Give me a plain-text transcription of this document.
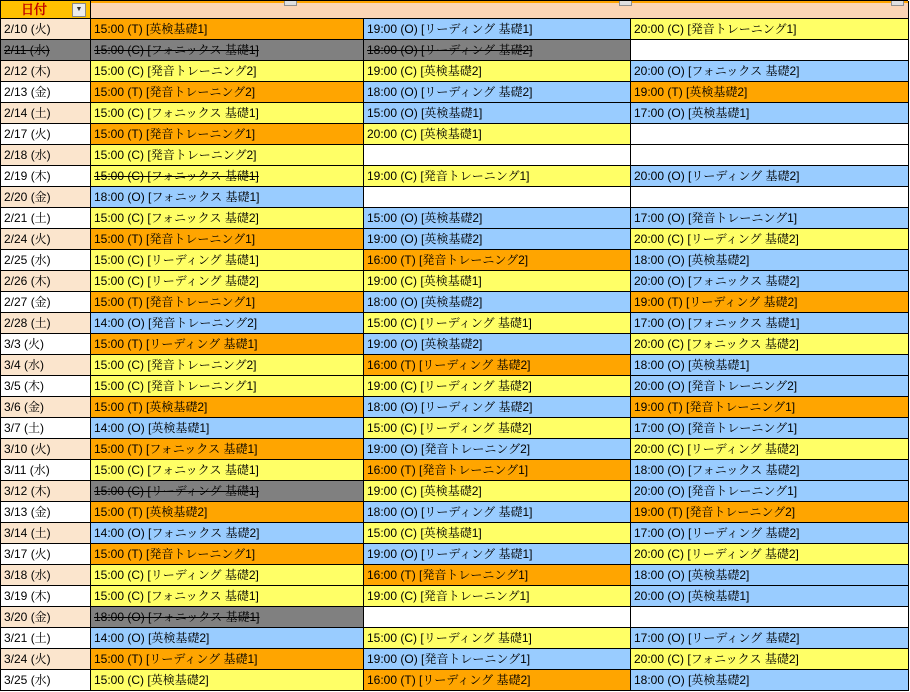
日付	▼
2/10 (火)	15:00 (T) [英検基礎1]	19:00 (O) [リーディング 基礎1]	20:00 (C) [発音トレーニング1]
2/11 (水)	15:00 (C) [フォニックス 基礎1]	18:00 (O) [リーディング 基礎2]
2/12 (木)	15:00 (C) [発音トレーニング2]	19:00 (C) [英検基礎2]	20:00 (O) [フォニックス 基礎2]
2/13 (金)	15:00 (T) [発音トレーニング2]	18:00 (O) [リーディング 基礎2]	19:00 (T) [英検基礎2]
2/14 (土)	15:00 (C) [フォニックス 基礎1]	15:00 (O) [英検基礎1]	17:00 (O) [英検基礎1]
2/17 (火)	15:00 (T) [発音トレーニング1]	20:00 (C) [英検基礎1]
2/18 (水)	15:00 (C) [発音トレーニング2]
2/19 (木)	15:00 (C) [フォニックス 基礎1]	19:00 (C) [発音トレーニング1]	20:00 (O) [リーディング 基礎2]
2/20 (金)	18:00 (O) [フォニックス 基礎1]
2/21 (土)	15:00 (C) [フォニックス 基礎2]	15:00 (O) [英検基礎2]	17:00 (O) [発音トレーニング1]
2/24 (火)	15:00 (T) [発音トレーニング1]	19:00 (O) [英検基礎2]	20:00 (C) [リーディング 基礎2]
2/25 (水)	15:00 (C) [リーディング 基礎1]	16:00 (T) [発音トレーニング2]	18:00 (O) [英検基礎2]
2/26 (木)	15:00 (C) [リーディング 基礎2]	19:00 (C) [英検基礎1]	20:00 (O) [フォニックス 基礎2]
2/27 (金)	15:00 (T) [発音トレーニング1]	18:00 (O) [英検基礎2]	19:00 (T) [リーディング 基礎2]
2/28 (土)	14:00 (O) [発音トレーニング2]	15:00 (C) [リーディング 基礎1]	17:00 (O) [フォニックス 基礎1]
3/3 (火)	15:00 (T) [リーディング 基礎1]	19:00 (O) [英検基礎2]	20:00 (C) [フォニックス 基礎2]
3/4 (水)	15:00 (C) [発音トレーニング2]	16:00 (T) [リーディング 基礎2]	18:00 (O) [英検基礎1]
3/5 (木)	15:00 (C) [発音トレーニング1]	19:00 (C) [リーディング 基礎2]	20:00 (O) [発音トレーニング2]
3/6 (金)	15:00 (T) [英検基礎2]	18:00 (O) [リーディング 基礎2]	19:00 (T) [発音トレーニング1]
3/7 (土)	14:00 (O) [英検基礎1]	15:00 (C) [リーディング 基礎2]	17:00 (O) [発音トレーニング1]
3/10 (火)	15:00 (T) [フォニックス 基礎1]	19:00 (O) [発音トレーニング2]	20:00 (C) [リーディング 基礎2]
3/11 (水)	15:00 (C) [フォニックス 基礎1]	16:00 (T) [発音トレーニング1]	18:00 (O) [フォニックス 基礎2]
3/12 (木)	15:00 (C) [リーディング 基礎1]	19:00 (C) [英検基礎2]	20:00 (O) [発音トレーニング1]
3/13 (金)	15:00 (T) [英検基礎2]	18:00 (O) [リーディング 基礎1]	19:00 (T) [発音トレーニング2]
3/14 (土)	14:00 (O) [フォニックス 基礎2]	15:00 (C) [英検基礎1]	17:00 (O) [リーディング 基礎2]
3/17 (火)	15:00 (T) [発音トレーニング1]	19:00 (O) [リーディング 基礎1]	20:00 (C) [リーディング 基礎2]
3/18 (水)	15:00 (C) [リーディング 基礎2]	16:00 (T) [発音トレーニング1]	18:00 (O) [英検基礎2]
3/19 (木)	15:00 (C) [フォニックス 基礎1]	19:00 (C) [発音トレーニング1]	20:00 (O) [英検基礎1]
3/20 (金)	18:00 (O) [フォニックス 基礎1]
3/21 (土)	14:00 (O) [英検基礎2]	15:00 (C) [リーディング 基礎1]	17:00 (O) [リーディング 基礎2]
3/24 (火)	15:00 (T) [リーディング 基礎1]	19:00 (O) [発音トレーニング1]	20:00 (C) [フォニックス 基礎2]
3/25 (水)	15:00 (C) [英検基礎2]	16:00 (T) [リーディング 基礎2]	18:00 (O) [英検基礎2]
